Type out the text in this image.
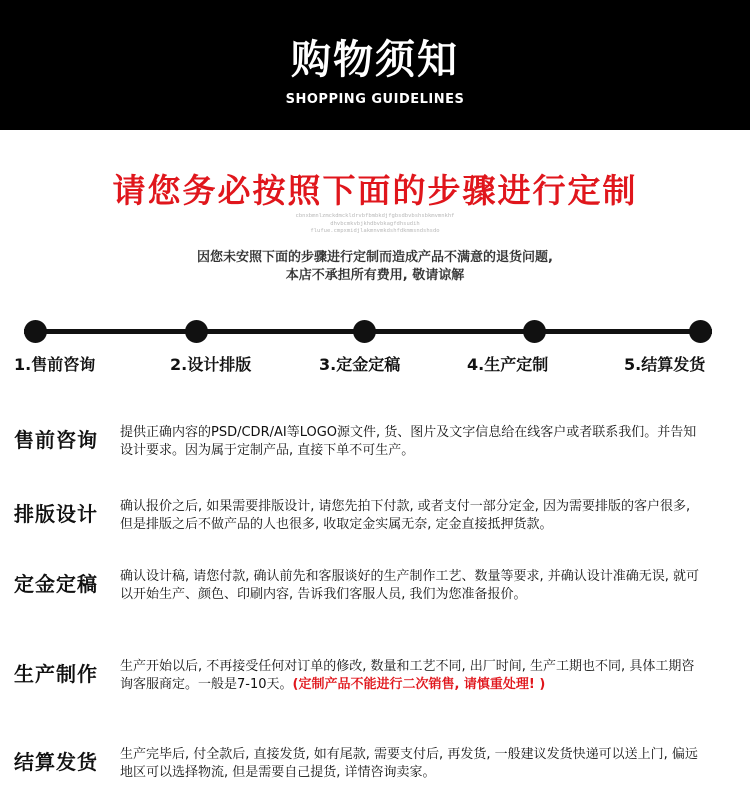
购物须知
SHOPPING GUIDELINES
请您务必按照下面的步骤进行定制
cbnxbmnlzmckdmckldrvbfbmbkdjfgbsdbvbshsbkmvmnkhf
dhvbcmkvbjkhdbvbkagfdhsudih
flufue.cmpxmidjlakmnvmkdshfdkmmsndshsdo
因您未安照下面的步骤进行定制而造成产品不满意的退货问题,
本店不承担所有费用, 敬请谅解
1.售前咨询	2.设计排版	3.定金定稿	4.生产定制	5.结算发货
售前咨询 提供正确内容的PSD/CDR/AI等LOGO源文件, 货、图片及文字信息给在线客户或者联系我们。并告知设计要求。因为属于定制产品, 直接下单不可生产。
排版设计 确认报价之后, 如果需要排版设计, 请您先拍下付款, 或者支付一部分定金, 因为需要排版的客户很多, 但是排版之后不做产品的人也很多, 收取定金实属无奈, 定金直接抵押货款。
定金定稿 确认设计稿, 请您付款, 确认前先和客服谈好的生产制作工艺、数量等要求, 并确认设计准确无误, 就可以开始生产、颜色、印刷内容, 告诉我们客服人员, 我们为您准备报价。
生产制作 生产开始以后, 不再接受任何对订单的修改, 数量和工艺不同, 出厂时间, 生产工期也不同, 具体工期咨询客服商定。一般是7-10天。(定制产品不能进行二次销售, 请慎重处理! )
结算发货 生产完毕后, 付全款后, 直接发货, 如有尾款, 需要支付后, 再发货, 一般建议发货快递可以送上门, 偏远地区可以选择物流, 但是需要自己提货, 详情咨询卖家。
